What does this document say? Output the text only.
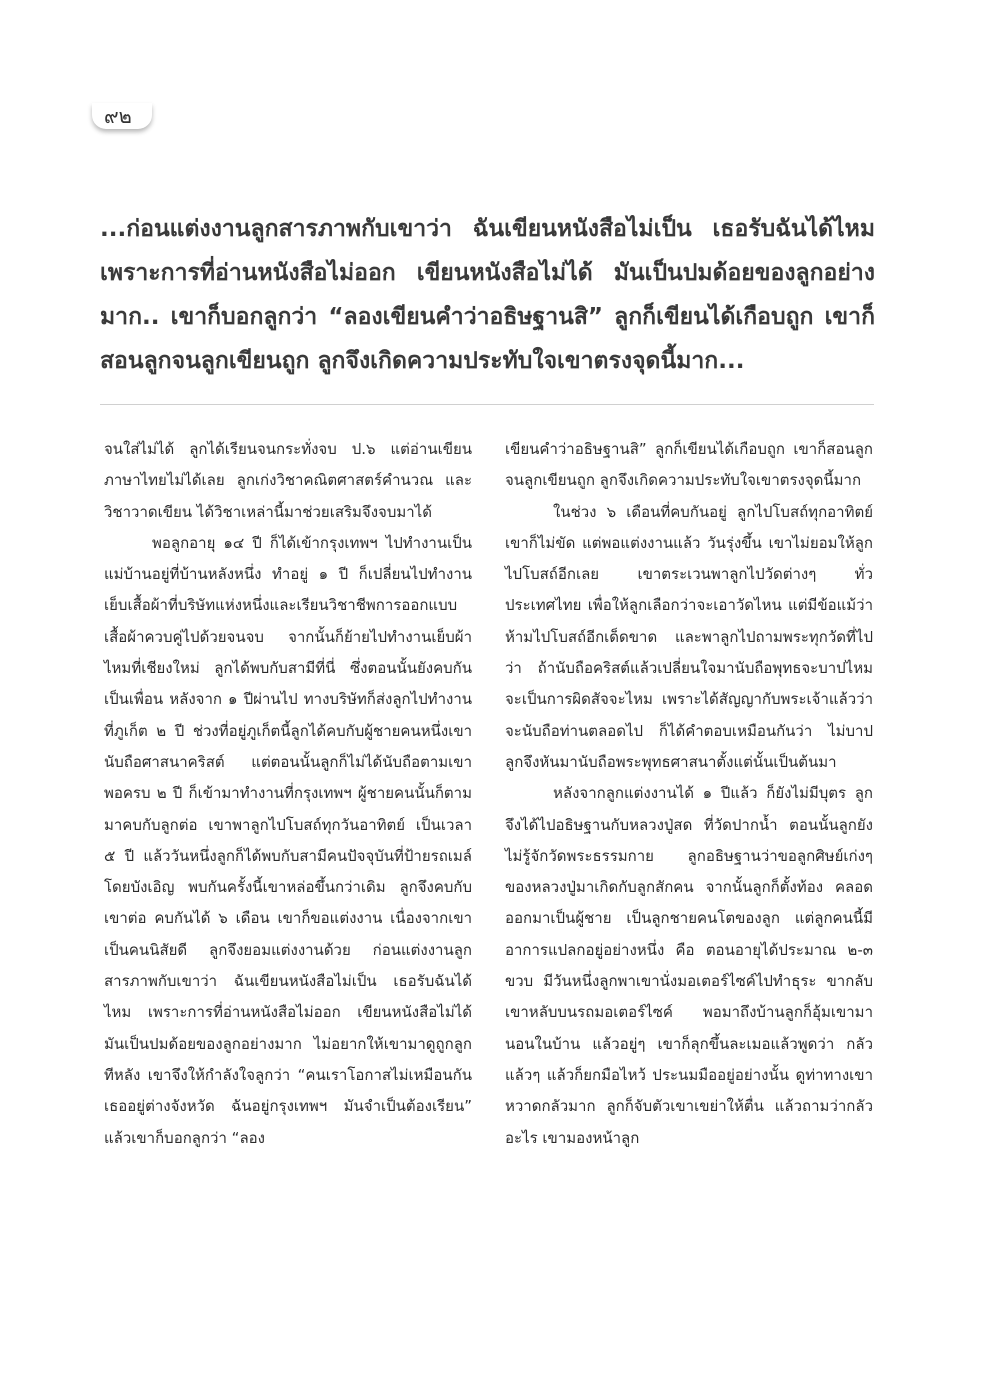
๙๒
...ก่อนแต่งงานลูกสารภาพกับเขาว่า ฉันเขียนหนังสือไม่เป็น เธอรับฉันได้ไหม เพราะการที่อ่านหนังสือไม่ออก เขียนหนังสือไม่ได้ มันเป็นปมด้อยของลูกอย่างมาก.. เขาก็บอกลูกว่า “ลองเขียนคำว่าอธิษฐานสิ” ลูกก็เขียนได้เกือบถูก เขาก็สอนลูกจนลูกเขียนถูก ลูกจึงเกิดความประทับใจเขาตรงจุดนี้มาก...

จนใส่ไม่ได้ ลูกได้เรียนจนกระทั่งจบ ป.๖ แต่อ่านเขียนภาษาไทยไม่ได้เลย ลูกเก่งวิชาคณิตศาสตร์คำนวณ และวิชาวาดเขียน ได้วิชาเหล่านี้มาช่วยเสริมจึงจบมาได้

พอลูกอายุ ๑๔ ปี ก็ได้เข้ากรุงเทพฯ ไปทำงานเป็นแม่บ้านอยู่ที่บ้านหลังหนึ่ง ทำอยู่ ๑ ปี ก็เปลี่ยนไปทำงานเย็บเสื้อผ้าที่บริษัทแห่งหนึ่งและเรียนวิชาชีพการออกแบบเสื้อผ้าควบคู่ไปด้วยจนจบ จากนั้นก็ย้ายไปทำงานเย็บผ้าไหมที่เชียงใหม่ ลูกได้พบกับสามีที่นี่ ซึ่งตอนนั้นยังคบกันเป็นเพื่อน หลังจาก ๑ ปีผ่านไป ทางบริษัทก็ส่งลูกไปทำงานที่ภูเก็ต ๒ ปี ช่วงที่อยู่ภูเก็ตนี้ลูกได้คบกับผู้ชายคนหนึ่งเขานับถือศาสนาคริสต์ แต่ตอนนั้นลูกก็ไม่ได้นับถือตามเขา พอครบ ๒ ปี ก็เข้ามาทำงานที่กรุงเทพฯ ผู้ชายคนนั้นก็ตามมาคบกับลูกต่อ เขาพาลูกไปโบสถ์ทุกวันอาทิตย์ เป็นเวลา ๕ ปี แล้ววันหนึ่งลูกก็ได้พบกับสามีคนปัจจุบันที่ป้ายรถเมล์โดยบังเอิญ พบกันครั้งนี้เขาหล่อขึ้นกว่าเดิม ลูกจึงคบกับเขาต่อ คบกันได้ ๖ เดือน เขาก็ขอแต่งงาน เนื่องจากเขาเป็นคนนิสัยดี ลูกจึงยอมแต่งงานด้วย ก่อนแต่งงานลูกสารภาพกับเขาว่า ฉันเขียนหนังสือไม่เป็น เธอรับฉันได้ไหม เพราะการที่อ่านหนังสือไม่ออก เขียนหนังสือไม่ได้ มันเป็นปมด้อยของลูกอย่างมาก ไม่อยากให้เขามาดูถูกลูกทีหลัง เขาจึงให้กำลังใจลูกว่า “คนเราโอกาสไม่เหมือนกัน เธออยู่ต่างจังหวัด ฉันอยู่กรุงเทพฯ มันจำเป็นต้องเรียน” แล้วเขาก็บอกลูกว่า “ลอง

เขียนคำว่าอธิษฐานสิ” ลูกก็เขียนได้เกือบถูก เขาก็สอนลูกจนลูกเขียนถูก ลูกจึงเกิดความประทับใจเขาตรงจุดนี้มาก

ในช่วง ๖ เดือนที่คบกันอยู่ ลูกไปโบสถ์ทุกอาทิตย์ เขาก็ไม่ขัด แต่พอแต่งงานแล้ว วันรุ่งขึ้น เขาไม่ยอมให้ลูกไปโบสถ์อีกเลย เขาตระเวนพาลูกไปวัดต่างๆ ทั่วประเทศไทย เพื่อให้ลูกเลือกว่าจะเอาวัดไหน แต่มีข้อแม้ว่า ห้ามไปโบสถ์อีกเด็ดขาด และพาลูกไปถามพระทุกวัดที่ไปว่า ถ้านับถือคริสต์แล้วเปลี่ยนใจมานับถือพุทธจะบาปไหม จะเป็นการผิดสัจจะไหม เพราะได้สัญญากับพระเจ้าแล้วว่าจะนับถือท่านตลอดไป ก็ได้คำตอบเหมือนกันว่า ไม่บาป ลูกจึงหันมานับถือพระพุทธศาสนาตั้งแต่นั้นเป็นต้นมา

หลังจากลูกแต่งงานได้ ๑ ปีแล้ว ก็ยังไม่มีบุตร ลูกจึงได้ไปอธิษฐานกับหลวงปู่สด ที่วัดปากน้ำ ตอนนั้นลูกยังไม่รู้จักวัดพระธรรมกาย ลูกอธิษฐานว่าขอลูกศิษย์เก่งๆ ของหลวงปู่มาเกิดกับลูกสักคน จากนั้นลูกก็ตั้งท้อง คลอดออกมาเป็นผู้ชาย เป็นลูกชายคนโตของลูก แต่ลูกคนนี้มีอาการแปลกอยู่อย่างหนึ่ง คือ ตอนอายุได้ประมาณ ๒-๓ ขวบ มีวันหนึ่งลูกพาเขานั่งมอเตอร์ไซค์ไปทำธุระ ขากลับเขาหลับบนรถมอเตอร์ไซค์ พอมาถึงบ้านลูกก็อุ้มเขามานอนในบ้าน แล้วอยู่ๆ เขาก็ลุกขึ้นละเมอแล้วพูดว่า กลัวแล้วๆ แล้วก็ยกมือไหว้ ประนมมืออยู่อย่างนั้น ดูท่าทางเขาหวาดกลัวมาก ลูกก็จับตัวเขาเขย่าให้ตื่น แล้วถามว่ากลัวอะไร เขามองหน้าลูก
